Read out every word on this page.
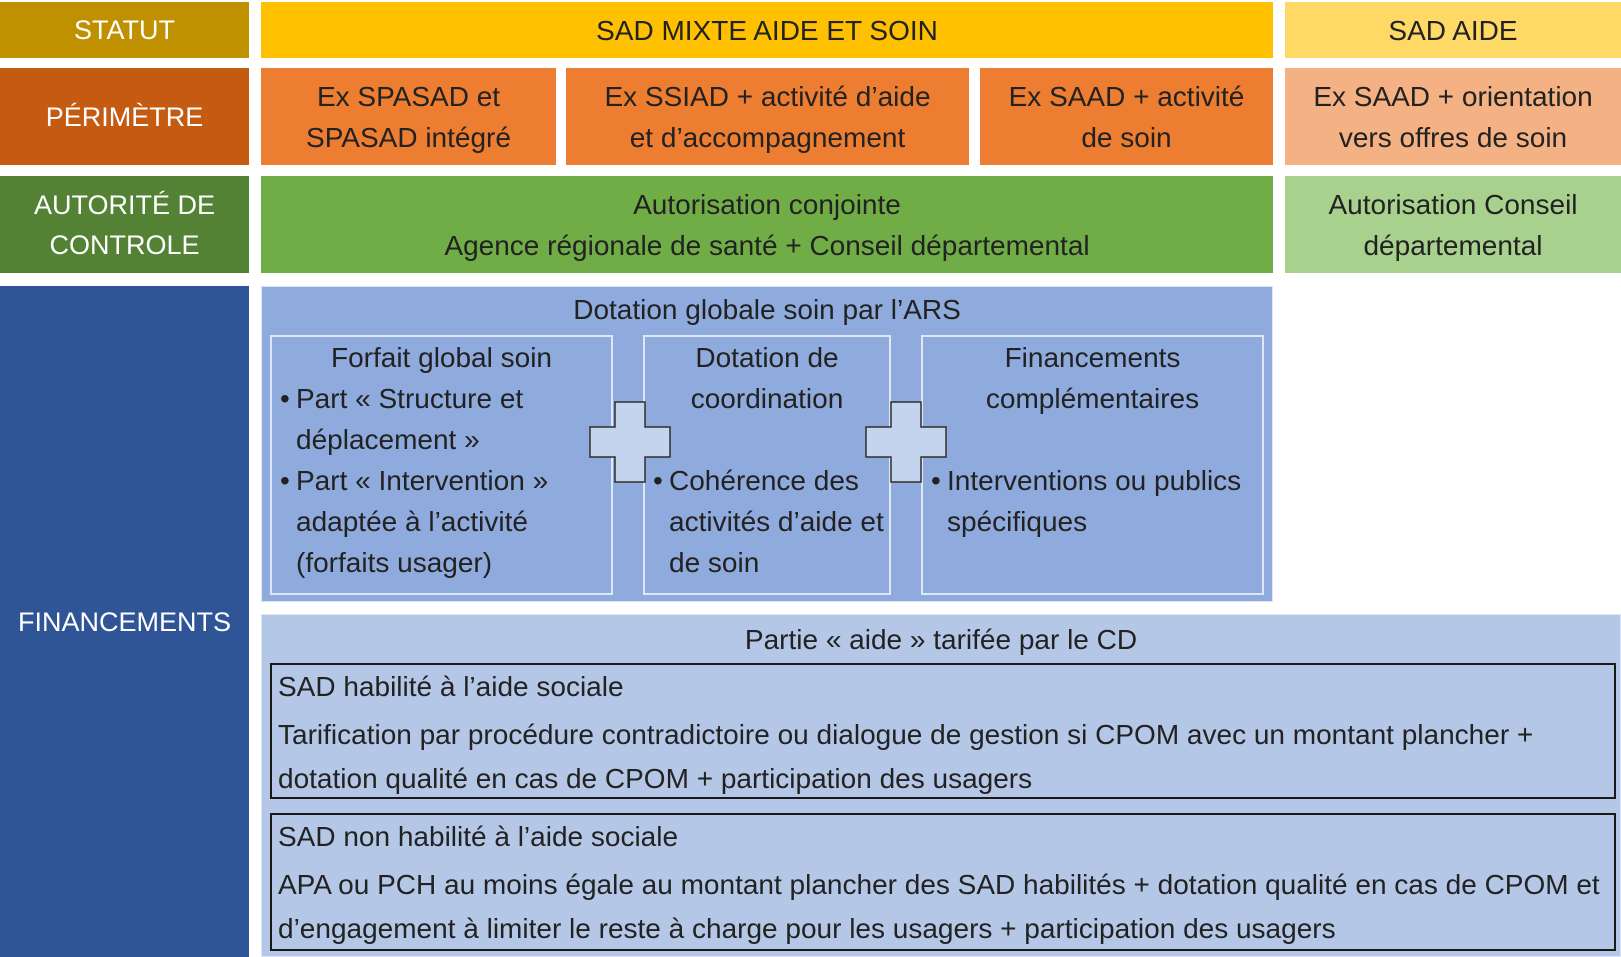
STATUT	SAD MIXTE AIDE ET SOIN	SAD AIDE
PÉRIMÈTRE
Ex SPASAD et
SPASAD intégré
Ex SSIAD + activité d’aide
et d’accompagnement
Ex SAAD + activité
de soin
Ex SAAD + orientation
vers offres de soin
AUTORITÉ DE
CONTROLE
Autorisation conjointe
Agence régionale de santé + Conseil départemental
Autorisation Conseil
départemental
FINANCEMENTS
Dotation globale soin par l’ARS
Forfait global soin
• Part « Structure et déplacement »
• Part « Intervention » adaptée à l’activité (forfaits usager)
Dotation de
coordination
• Cohérence des activités d’aide et de soin
Financements
complémentaires
• Interventions ou publics spécifiques
Partie « aide » tarifée par le CD
SAD habilité à l’aide sociale
Tarification par procédure contradictoire ou dialogue de gestion si CPOM avec un montant plancher + dotation qualité en cas de CPOM + participation des usagers
SAD non habilité à l’aide sociale
APA ou PCH au moins égale au montant plancher des SAD habilités + dotation qualité en cas de CPOM et d’engagement à limiter le reste à charge pour les usagers + participation des usagers
